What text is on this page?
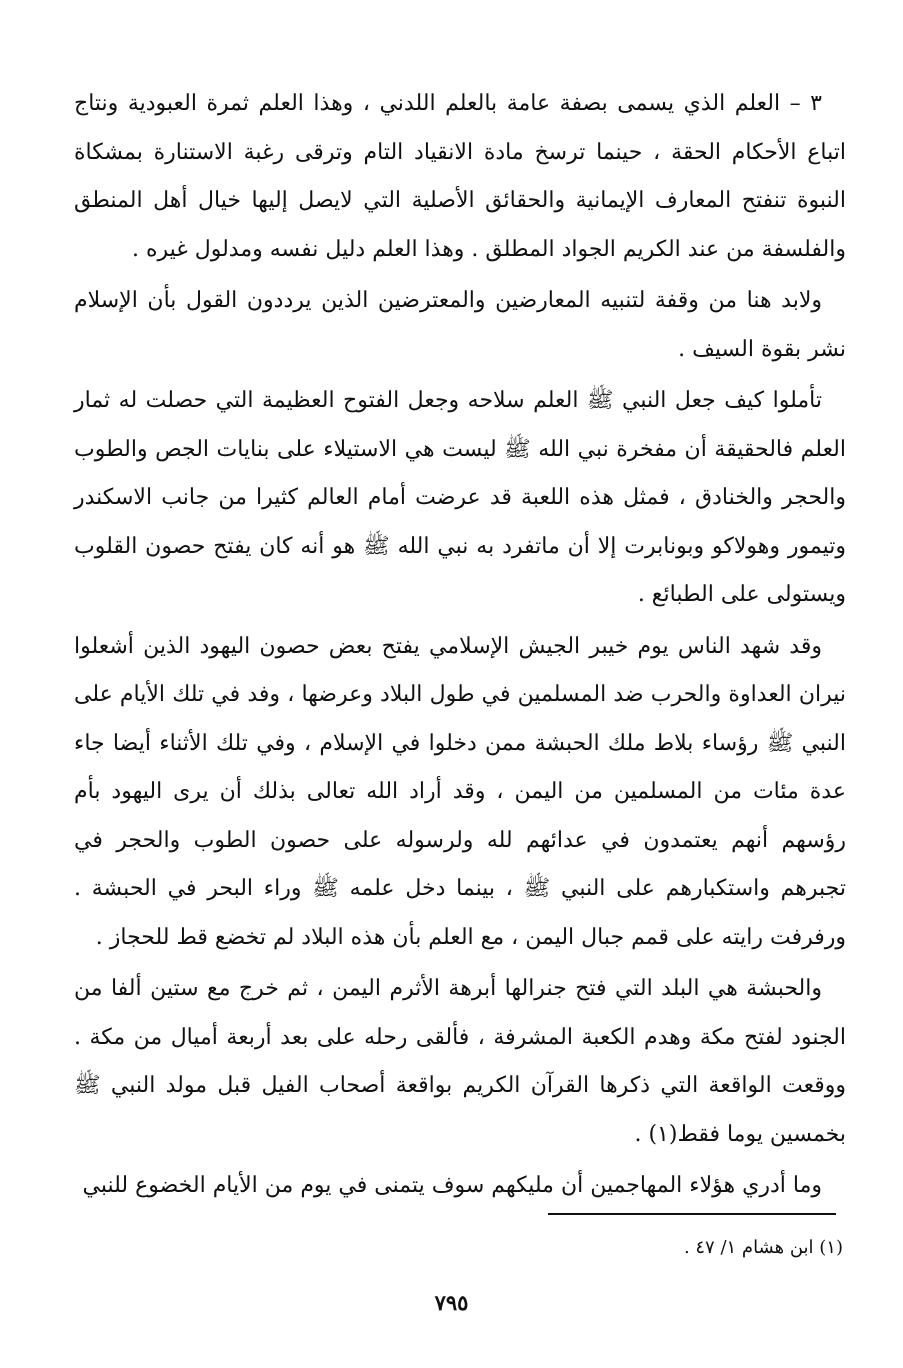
٣ – العلم الذي يسمى بصفة عامة بالعلم اللدني ، وهذا العلم ثمرة العبودية ونتاج اتباع الأحكام الحقة ، حينما ترسخ مادة الانقياد التام وترقى رغبة الاستنارة بمشكاة النبوة تنفتح المعارف الإيمانية والحقائق الأصلية التي لايصل إليها خيال أهل المنطق والفلسفة من عند الكريم الجواد المطلق . وهذا العلم دليل نفسه ومدلول غيره .

ولابد هنا من وقفة لتنبيه المعارضين والمعترضين الذين يرددون القول بأن الإسلام نشر بقوة السيف .

تأملوا كيف جعل النبي ﷺ العلم سلاحه وجعل الفتوح العظيمة التي حصلت له ثمار العلم فالحقيقة أن مفخرة نبي الله ﷺ ليست هي الاستيلاء على بنايات الجص والطوب والحجر والخنادق ، فمثل هذه اللعبة قد عرضت أمام العالم كثيرا من جانب الاسكندر وتيمور وهولاكو وبونابرت إلا أن ماتفرد به نبي الله ﷺ هو أنه كان يفتح حصون القلوب ويستولى على الطبائع .

وقد شهد الناس يوم خيبر الجيش الإسلامي يفتح بعض حصون اليهود الذين أشعلوا نيران العداوة والحرب ضد المسلمين في طول البلاد وعرضها ، وفد في تلك الأيام على النبي ﷺ رؤساء بلاط ملك الحبشة ممن دخلوا في الإسلام ، وفي تلك الأثناء أيضا جاء عدة مئات من المسلمين من اليمن ، وقد أراد الله تعالى بذلك أن يرى اليهود بأم رؤسهم أنهم يعتمدون في عدائهم لله ولرسوله على حصون الطوب والحجر في تجبرهم واستكبارهم على النبي ﷺ ، بينما دخل علمه ﷺ وراء البحر في الحبشة . ورفرفت رايته على قمم جبال اليمن ، مع العلم بأن هذه البلاد لم تخضع قط للحجاز .

والحبشة هي البلد التي فتح جنرالها أبرهة الأثرم اليمن ، ثم خرج مع ستين ألفا من الجنود لفتح مكة وهدم الكعبة المشرفة ، فألقى رحله على بعد أربعة أميال من مكة . ووقعت الواقعة التي ذكرها القرآن الكريم بواقعة أصحاب الفيل قبل مولد النبي ﷺ بخمسين يوما فقط(١) .

وما أدري هؤلاء المهاجمين أن مليكهم سوف يتمنى في يوم من الأيام الخضوع للنبي

(١) ابن هشام ١/ ٤٧ .
٧٩٥
